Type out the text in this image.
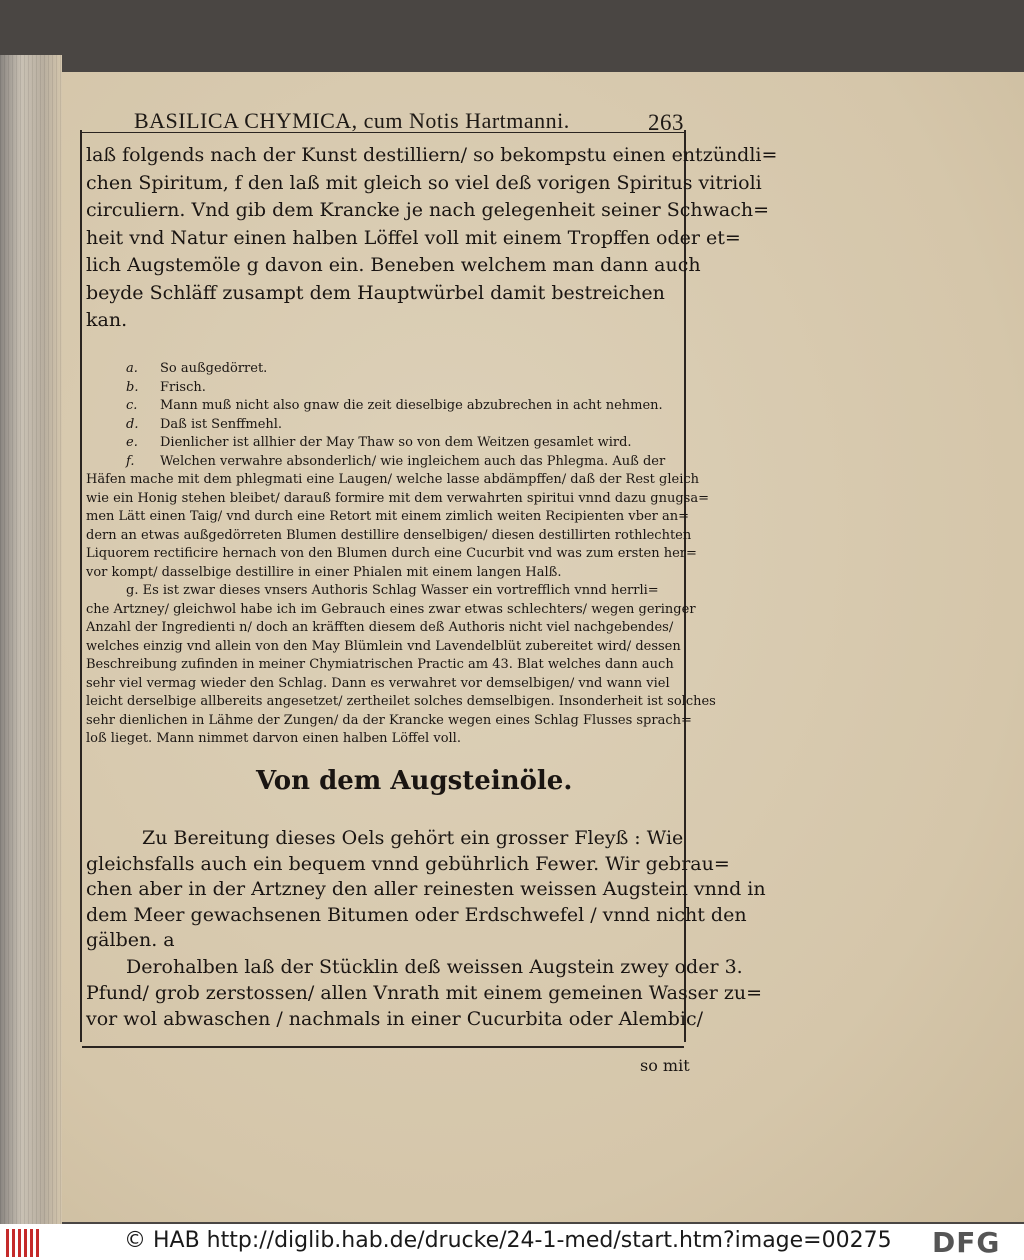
BASILICA CHYMICA, cum Notis Hartmanni.	263
laß folgends nach der Kunst destilliern/ so bekompstu einen entzündli=
chen Spiritum, f den laß mit gleich so viel deß vorigen Spiritus vitrioli
circuliern. Vnd gib dem Krancke je nach gelegenheit seiner Schwach=
heit vnd Natur einen halben Löffel voll mit einem Tropffen oder et=
lich Augstemöle g davon ein. Beneben welchem man dann auch
beyde Schläff zusampt dem Hauptwürbel damit bestreichen
kan.
a. So außgedörret.
b. Frisch.
c. Mann muß nicht also gnaw die zeit dieselbige abzubrechen in acht nehmen.
d. Daß ist Senffmehl.
e. Dienlicher ist allhier der May Thaw so von dem Weitzen gesamlet wird.
f. Welchen verwahre absonderlich/ wie ingleichem auch das Phlegma. Auß der
Häfen mache mit dem phlegmati eine Laugen/ welche lasse abdämpffen/ daß der Rest gleich
wie ein Honig stehen bleibet/ darauß formire mit dem verwahrten spiritui vnnd dazu gnugsa=
men Lätt einen Taig/ vnd durch eine Retort mit einem zimlich weiten Recipienten vber an=
dern an etwas außgedörreten Blumen destillire denselbigen/ diesen destillirten rothlechten
Liquorem rectificire hernach von den Blumen durch eine Cucurbit vnd was zum ersten her=
vor kompt/ dasselbige destillire in einer Phialen mit einem langen Halß.
g. Es ist zwar dieses vnsers Authoris Schlag Wasser ein vortrefflich vnnd herrli=
che Artzney/ gleichwol habe ich im Gebrauch eines zwar etwas schlechters/ wegen geringer
Anzahl der Ingredienti n/ doch an kräfften diesem deß Authoris nicht viel nachgebendes/
welches einzig vnd allein von den May Blümlein vnd Lavendelblüt zubereitet wird/ dessen
Beschreibung zufinden in meiner Chymiatrischen Practic am 43. Blat welches dann auch
sehr viel vermag wieder den Schlag. Dann es verwahret vor demselbigen/ vnd wann viel
leicht derselbige allbereits angesetzet/ zertheilet solches demselbigen. Insonderheit ist solches
sehr dienlichen in Lähme der Zungen/ da der Krancke wegen eines Schlag Flusses sprach=
loß lieget. Mann nimmet darvon einen halben Löffel voll.
Von dem Augsteinöle.
Zu Bereitung dieses Oels gehört ein grosser Fleyß : Wie
gleichsfalls auch ein bequem vnnd gebührlich Fewer. Wir gebrau=
chen aber in der Artzney den aller reinesten weissen Augstein vnnd in
dem Meer gewachsenen Bitumen oder Erdschwefel / vnnd nicht den
gälben. a
Derohalben laß der Stücklin deß weissen Augstein zwey oder 3.
Pfund/ grob zerstossen/ allen Vnrath mit einem gemeinen Wasser zu=
vor wol abwaschen / nachmals in einer Cucurbita oder Alembic/
so mit
© HAB http://diglib.hab.de/drucke/24-1-med/start.htm?image=00275 DFG
